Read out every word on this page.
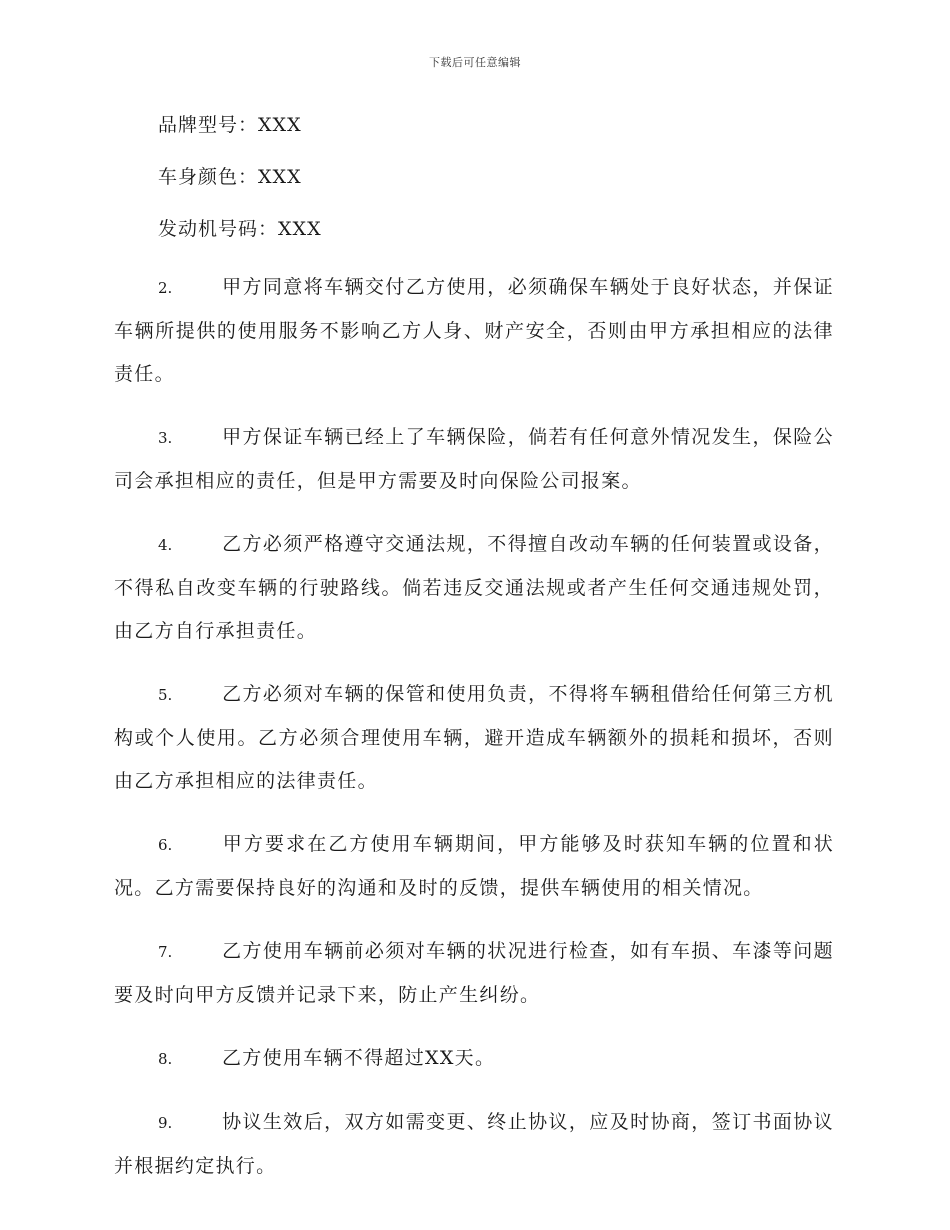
下载后可任意编辑
品牌型号：XXX
车身颜色：XXX
发动机号码：XXX

2.	甲方同意将车辆交付乙方使用，必须确保车辆处于良好状态，并保证车辆所提供的使用服务不影响乙方人身、财产安全，否则由甲方承担相应的法律责任。

3.	甲方保证车辆已经上了车辆保险，倘若有任何意外情况发生，保险公司会承担相应的责任，但是甲方需要及时向保险公司报案。

4.	乙方必须严格遵守交通法规，不得擅自改动车辆的任何装置或设备，不得私自改变车辆的行驶路线。倘若违反交通法规或者产生任何交通违规处罚，由乙方自行承担责任。

5.	乙方必须对车辆的保管和使用负责，不得将车辆租借给任何第三方机构或个人使用。乙方必须合理使用车辆，避开造成车辆额外的损耗和损坏，否则由乙方承担相应的法律责任。

6.	甲方要求在乙方使用车辆期间，甲方能够及时获知车辆的位置和状况。乙方需要保持良好的沟通和及时的反馈，提供车辆使用的相关情况。

7.	乙方使用车辆前必须对车辆的状况进行检查，如有车损、车漆等问题要及时向甲方反馈并记录下来，防止产生纠纷。

8.	乙方使用车辆不得超过XX天。

9.	协议生效后，双方如需变更、终止协议，应及时协商，签订书面协议并根据约定执行。
